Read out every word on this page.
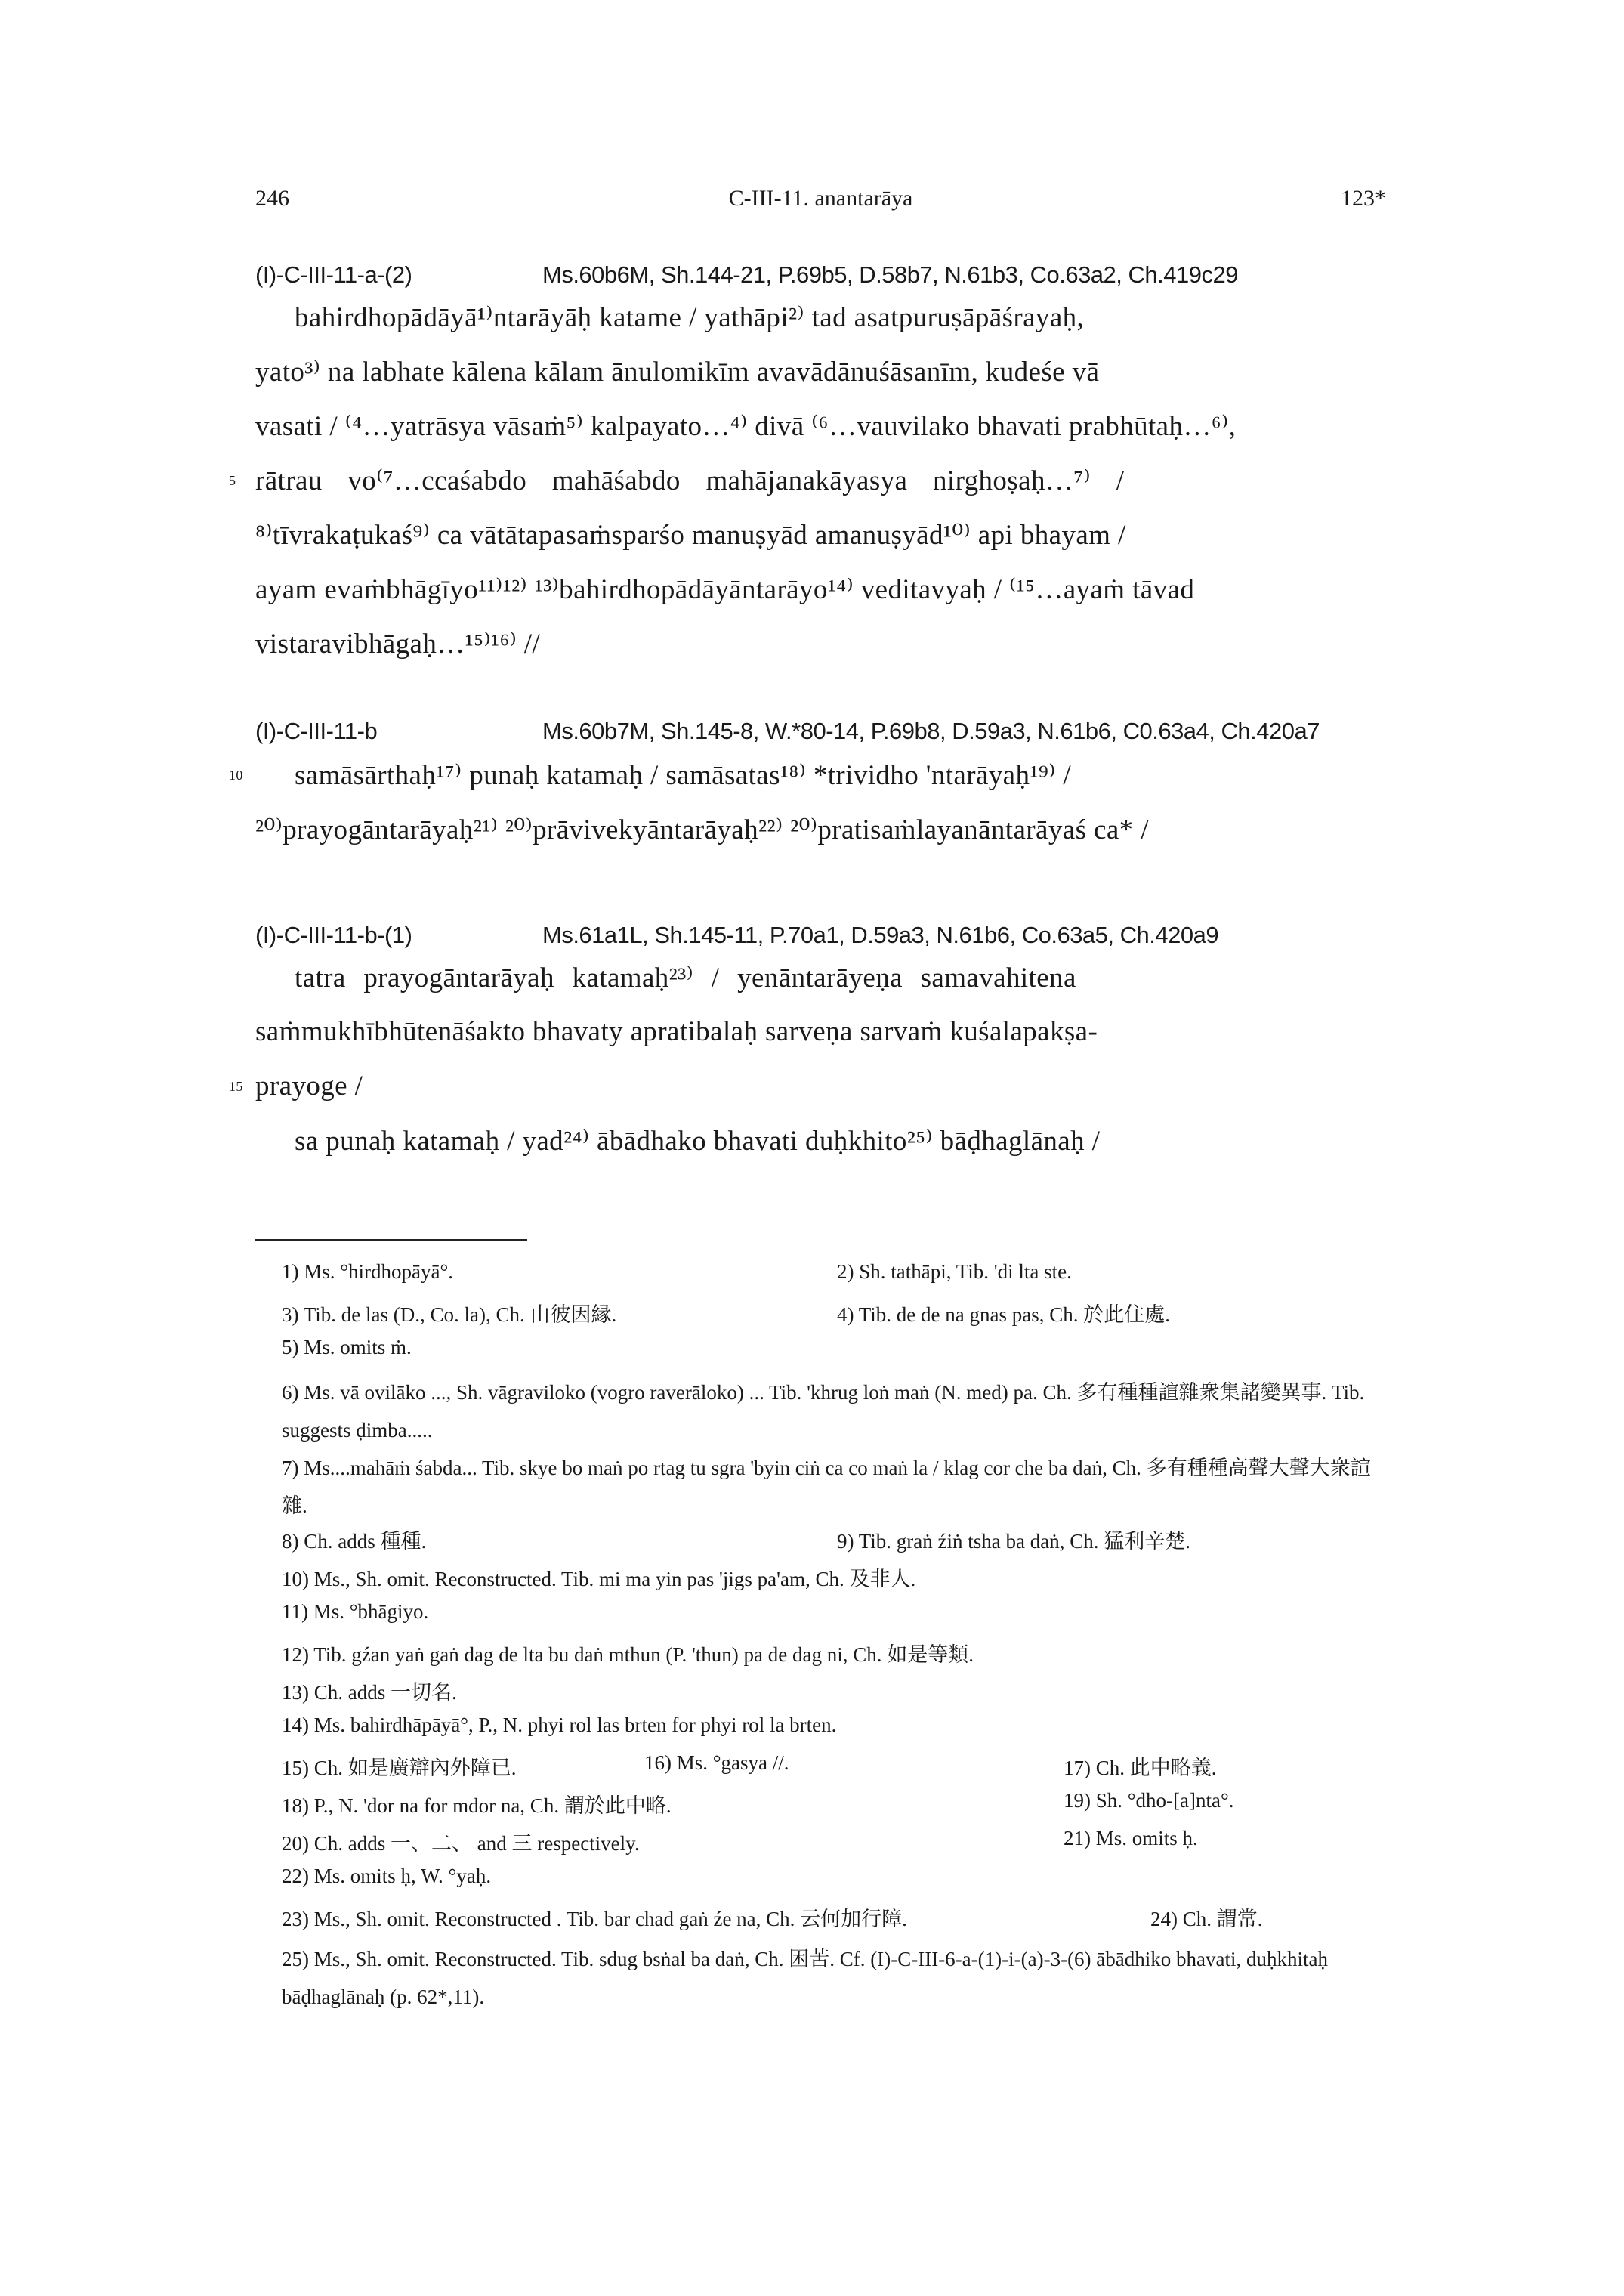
246	C-III-11. anantarāya	123*
(I)-C-III-11-a-(2)	Ms.60b6M, Sh.144-21, P.69b5, D.58b7, N.61b3, Co.63a2, Ch.419c29
bahirdhopādāyā¹⁾ntarāyāḥ katame / yathāpi²⁾ tad asatpuruṣāpāśrayaḥ,
yato³⁾ na labhate kālena kālam ānulomikīm avavādānuśāsanīm, kudeśe vā
vasati / ⁽⁴…yatrāsya vāsaṁ⁵⁾ kalpayato…⁴⁾ divā ⁽⁶…vauvilako bhavati prabhūtaḥ…⁶⁾,
5 rātrau vo⁽⁷…ccaśabdo mahāśabdo mahājanakāyasya nirghoṣaḥ…⁷⁾ /
⁸⁾tīvrakaṭukaś⁹⁾ ca vātātapasaṁsparśo manuṣyād amanuṣyād¹⁰⁾ api bhayam /
ayam evaṁbhāgīyo¹¹⁾¹²⁾ ¹³⁾bahirdhopādāyāntarāyo¹⁴⁾ veditavyaḥ / ⁽¹⁵…ayaṁ tāvad
vistaravibhāgaḥ…¹⁵⁾¹⁶⁾ //
(I)-C-III-11-b	Ms.60b7M, Sh.145-8, W.*80-14, P.69b8, D.59a3, N.61b6, C0.63a4, Ch.420a7
10 samāsārthaḥ¹⁷⁾ punaḥ katamaḥ / samāsatas¹⁸⁾ *trividho 'ntarāyaḥ¹⁹⁾ /
²⁰⁾prayogāntarāyaḥ²¹⁾ ²⁰⁾prāvivekyāntarāyaḥ²²⁾ ²⁰⁾pratisaṁlayanāntarāyaś ca* /
(I)-C-III-11-b-(1)	Ms.61a1L, Sh.145-11, P.70a1, D.59a3, N.61b6, Co.63a5, Ch.420a9
tatra prayogāntarāyaḥ katamaḥ²³⁾ / yenāntarāyeṇa samavahitena
saṁmukhībhūtenāśakto bhavaty apratibalaḥ sarveṇa sarvaṁ kuśalapakṣa-
15 prayoge /
sa punaḥ katamaḥ / yad²⁴⁾ ābādhako bhavati duḥkhito²⁵⁾ bāḍhaglānaḥ /
1) Ms. °hirdhopāyā°.	2) Sh. tathāpi, Tib. 'di lta ste.
3) Tib. de las (D., Co. la), Ch. 由彼因縁.	4) Tib. de de na gnas pas, Ch. 於此住處.
5) Ms. omits ṁ.
6) Ms. vā ovilāko ..., Sh. vāgraviloko (vogro raverāloko) ... Tib. 'khrug loṅ maṅ (N. med) pa. Ch. 多有種種諠雜衆集諸變異事. Tib. suggests ḍimba.....
7) Ms....mahāṁ śabda... Tib. skye bo maṅ po rtag tu sgra 'byin ciṅ ca co maṅ la / klag cor che ba daṅ, Ch. 多有種種高聲大聲大衆諠雜.
8) Ch. adds 種種.	9) Tib. graṅ źiṅ tsha ba daṅ, Ch. 猛利辛楚.
10) Ms., Sh. omit. Reconstructed. Tib. mi ma yin pas 'jigs pa'am, Ch. 及非人.
11) Ms. °bhāgiyo.
12) Tib. gźan yaṅ gaṅ dag de lta bu daṅ mthun (P. 'thun) pa de dag ni, Ch. 如是等類.
13) Ch. adds 一切名.
14) Ms. bahirdhāpāyā°, P., N. phyi rol las brten for phyi rol la brten.
15) Ch. 如是廣辯內外障已.	16) Ms. °gasya //.	17) Ch. 此中略義.
18) P., N. 'dor na for mdor na, Ch. 謂於此中略.	19) Sh. °dho-[a]nta°.
20) Ch. adds 一、二、 and 三 respectively.	21) Ms. omits ḥ.
22) Ms. omits ḥ, W. °yaḥ.
23) Ms., Sh. omit. Reconstructed . Tib. bar chad gaṅ źe na, Ch. 云何加行障.	24) Ch. 謂常.
25) Ms., Sh. omit. Reconstructed. Tib. sdug bsṅal ba daṅ, Ch. 困苦. Cf. (I)-C-III-6-a-(1)-i-(a)-3-(6) ābādhiko bhavati, duḥkhitaḥ bāḍhaglānaḥ (p. 62*,11).
